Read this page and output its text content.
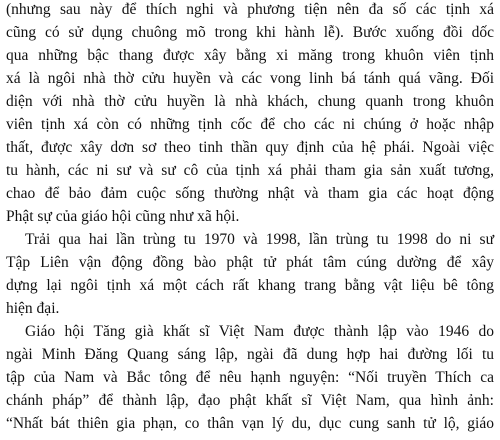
(nhưng sau này để thích nghi và phương tiện nên đa số các tịnh xá
cũng có sử dụng chuông mõ trong khi hành lễ). Bước xuống đồi dốc
qua những bậc thang được xây bằng xi măng trong khuôn viên tịnh
xá là ngôi nhà thờ cửu huyền và các vong linh bá tánh quá vãng. Đối
diện với nhà thờ cửu huyền là nhà khách, chung quanh trong khuôn
viên tịnh xá còn có những tịnh cốc để cho các ni chúng ở hoặc nhập
thất, được xây dơn sơ theo tinh thần quy định của hệ phái. Ngoài việc
tu hành, các ni sư và sư cô của tịnh xá phải tham gia sản xuất tương,
chao để bảo đảm cuộc sống thường nhật và tham gia các hoạt động
Phật sự của giáo hội cũng như xã hội.
Trải qua hai lần trùng tu 1970 và 1998, lần trùng tu 1998 do ni sư
Tập Liên vận động đồng bào phật tử phát tâm cúng dường để xây
dựng lại ngôi tịnh xá một cách rất khang trang bằng vật liệu bê tông
hiện đại.
Giáo hội Tăng già khất sĩ Việt Nam được thành lập vào 1946 do
ngài Minh Đăng Quang sáng lập, ngài đã dung hợp hai đường lối tu
tập của Nam và Bắc tông để nêu hạnh nguyện: “Nối truyền Thích ca
chánh pháp” để thành lập, đạo phật khất sĩ Việt Nam, qua hình ảnh:
“Nhất bát thiên gia phạn, co thân vạn lý du, dục cung sanh tử lộ, giáo
